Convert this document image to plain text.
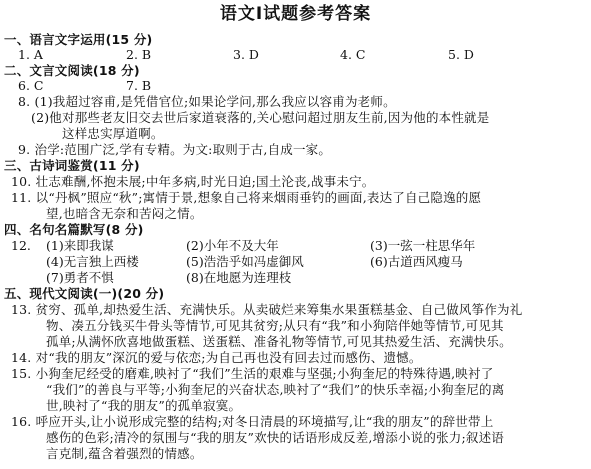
语文Ⅰ试题参考答案
一、语言文字运用(15 分)
1. A	2. B	3. D	4. C	5. D
二、文言文阅读(18 分)
6. C	7. B
8. (1)我超过容甫,是凭借官位;如果论学问,那么我应以容甫为老师。
(2)他对那些老友旧交去世后家道衰落的,关心慰问超过朋友生前,因为他的本性就是
这样忠实厚道啊。
9. 治学:范围广泛,学有专精。为文:取则于古,自成一家。
三、古诗词鉴赏(11 分)
10. 壮志难酬,怀抱未展;中年多病,时光日迫;国土沦丧,战事未宁。
11. 以“丹枫”照应“秋”;寓情于景,想象自己将来烟雨垂钓的画面,表达了自己隐逸的愿
望,也暗含无奈和苦闷之情。
四、名句名篇默写(8 分)
12. (1)来即我谋	(2)小年不及大年	(3)一弦一柱思华年
(4)无言独上西楼	(5)浩浩乎如冯虚御风	(6)古道西风瘦马
(7)勇者不惧	(8)在地愿为连理枝
五、现代文阅读(一)(20 分)
13. 贫穷、孤单,却热爱生活、充满快乐。从卖破烂来筹集水果蛋糕基金、自己做风筝作为礼
物、凑五分钱买牛骨头等情节,可见其贫穷;从只有“我”和小狗陪伴她等情节,可见其
孤单;从满怀欣喜地做蛋糕、送蛋糕、准备礼物等情节,可见其热爱生活、充满快乐。
14. 对“我的朋友”深沉的爱与依恋;为自己再也没有回去过而感伤、遗憾。
15. 小狗奎尼经受的磨难,映衬了“我们”生活的艰难与坚强;小狗奎尼的特殊待遇,映衬了
“我们”的善良与平等;小狗奎尼的兴奋状态,映衬了“我们”的快乐幸福;小狗奎尼的离
世,映衬了“我的朋友”的孤单寂寞。
16. 呼应开头,让小说形成完整的结构;对冬日清晨的环境描写,让“我的朋友”的辞世带上
感伤的色彩;清冷的氛围与“我的朋友”欢快的话语形成反差,增添小说的张力;叙述语
言克制,蕴含着强烈的情感。
